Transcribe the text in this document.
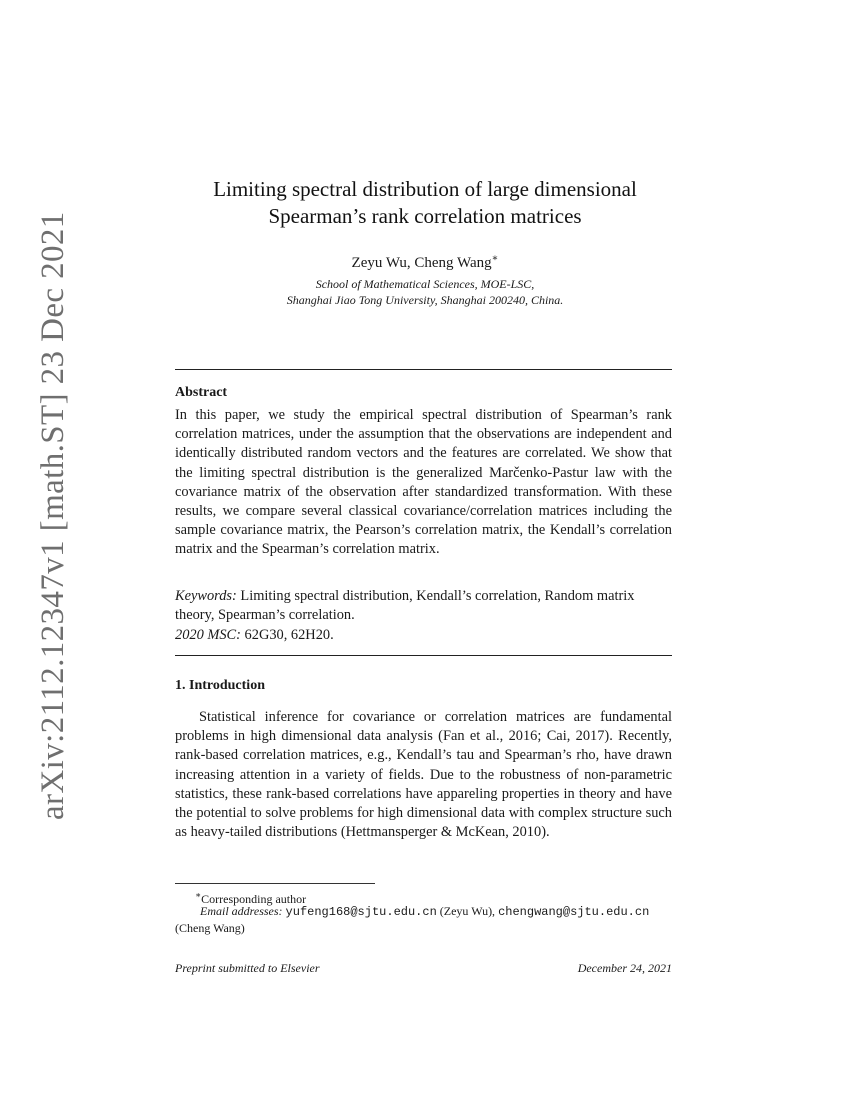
arXiv:2112.12347v1 [math.ST] 23 Dec 2021
Limiting spectral distribution of large dimensional
Spearman’s rank correlation matrices
Zeyu Wu, Cheng Wang∗
School of Mathematical Sciences, MOE-LSC,
Shanghai Jiao Tong University, Shanghai 200240, China.
Abstract
In this paper, we study the empirical spectral distribution of Spearman’s rank correlation matrices, under the assumption that the observations are independent and identically distributed random vectors and the features are correlated. We show that the limiting spectral distribution is the generalized Marčenko-Pastur law with the covariance matrix of the observation after standardized transformation. With these results, we compare several classical covariance/correlation matrices including the sample covariance matrix, the Pearson’s correlation matrix, the Kendall’s correlation matrix and the Spearman’s correlation matrix.
Keywords: Limiting spectral distribution, Kendall’s correlation, Random matrix theory, Spearman’s correlation.
2020 MSC: 62G30, 62H20.
1. Introduction
Statistical inference for covariance or correlation matrices are fundamental problems in high dimensional data analysis (Fan et al., 2016; Cai, 2017). Recently, rank-based correlation matrices, e.g., Kendall’s tau and Spearman’s rho, have drawn increasing attention in a variety of fields. Due to the robustness of non-parametric statistics, these rank-based correlations have appareling properties in theory and have the potential to solve problems for high dimensional data with complex structure such as heavy-tailed distributions (Hettmansperger & McKean, 2010).
∗Corresponding author
Email addresses: yufeng168@sjtu.edu.cn (Zeyu Wu), chengwang@sjtu.edu.cn
(Cheng Wang)
Preprint submitted to Elsevier	December 24, 2021
